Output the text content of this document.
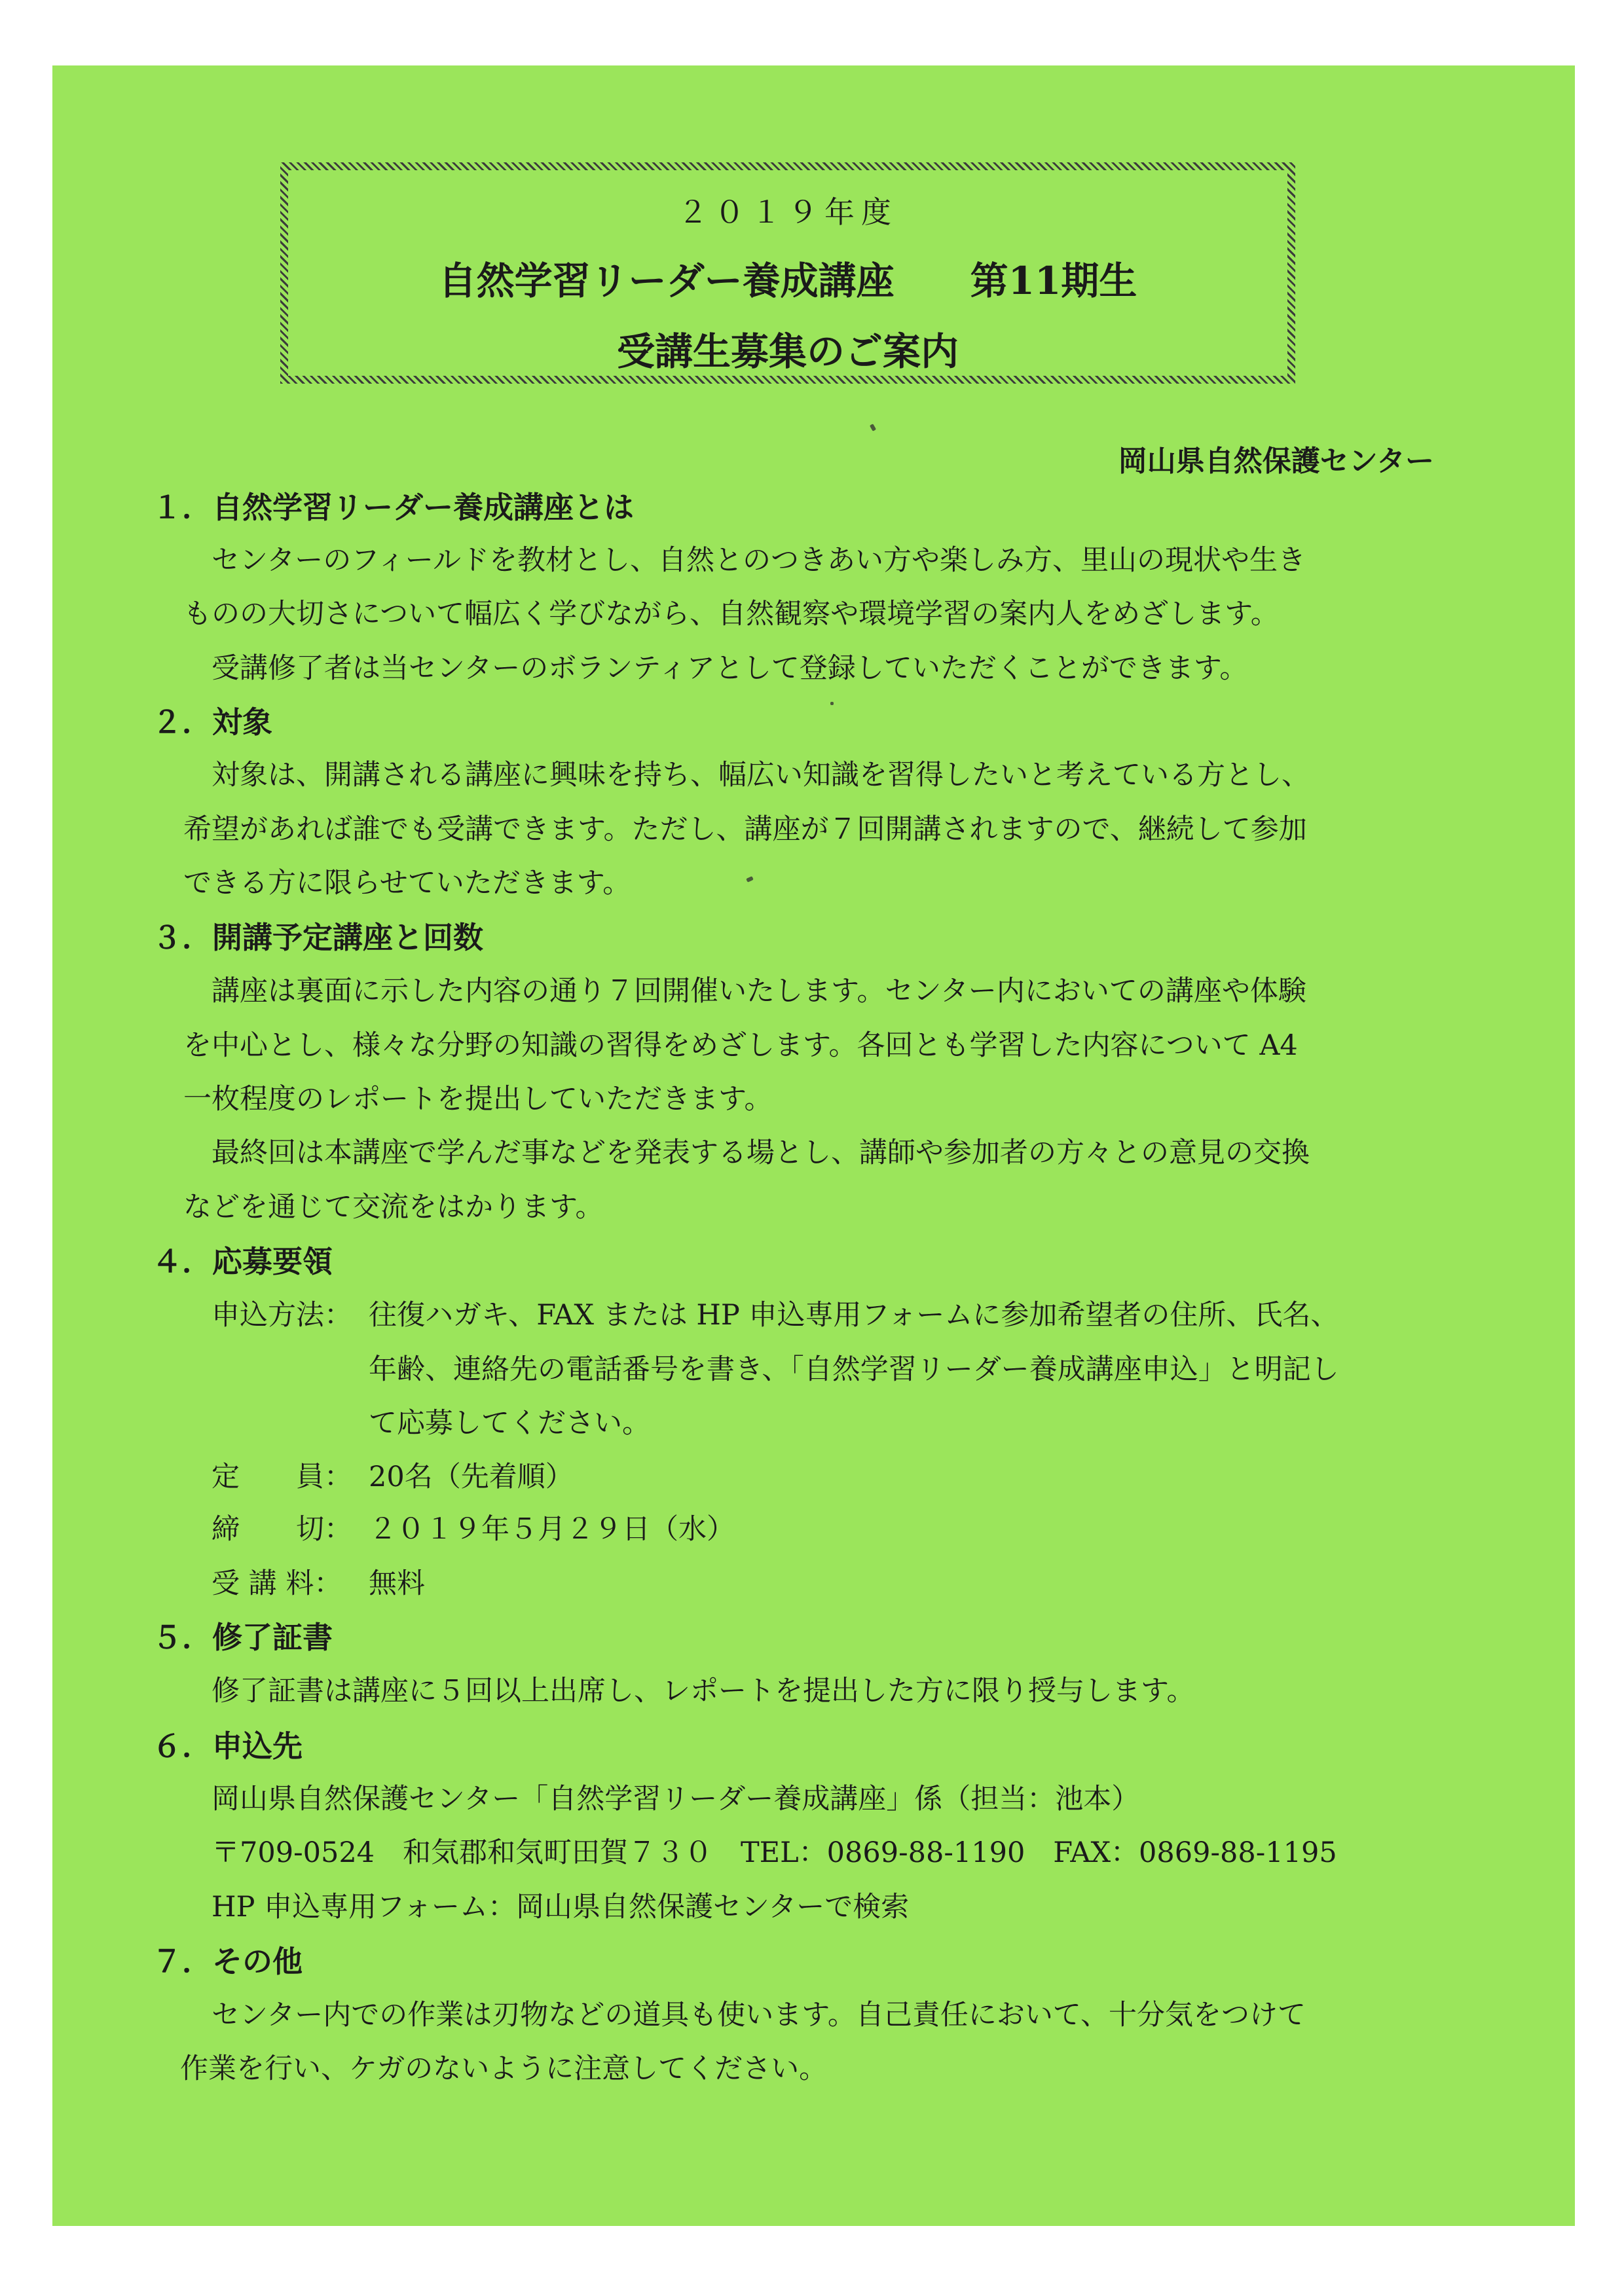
２０１９年度
自然学習リーダー養成講座　　第11期生
受講生募集のご案内
岡山県自然保護センター
１．自然学習リーダー養成講座とは
センターのフィールドを教材とし、自然とのつきあい方や楽しみ方、里山の現状や生き
ものの大切さについて幅広く学びながら、自然観察や環境学習の案内人をめざします。
受講修了者は当センターのボランティアとして登録していただくことができます。
２．対象
対象は、開講される講座に興味を持ち、幅広い知識を習得したいと考えている方とし、
希望があれば誰でも受講できます。ただし、講座が７回開講されますので、継続して参加
できる方に限らせていただきます。
３．開講予定講座と回数
講座は裏面に示した内容の通り７回開催いたします。センター内においての講座や体験
を中心とし、様々な分野の知識の習得をめざします。各回とも学習した内容について A4
一枚程度のレポートを提出していただきます。
最終回は本講座で学んだ事などを発表する場とし、講師や参加者の方々との意見の交換
などを通じて交流をはかります。
４．応募要領
申込方法： 往復ハガキ、FAX または HP 申込専用フォームに参加希望者の住所、氏名、
年齢、連絡先の電話番号を書き、「自然学習リーダー養成講座申込」と明記し
て応募してください。
定　　員： 20名（先着順）
締　　切： ２０１９年５月２９日（水）
受 講 料： 無料
５．修了証書
修了証書は講座に５回以上出席し、レポートを提出した方に限り授与します。
６．申込先
岡山県自然保護センター「自然学習リーダー養成講座」係（担当：池本）
〒709-0524　和気郡和気町田賀７３０　TEL：0869-88-1190　FAX：0869-88-1195
HP 申込専用フォーム：岡山県自然保護センターで検索
７．その他
センター内での作業は刃物などの道具も使います。自己責任において、十分気をつけて
作業を行い、ケガのないように注意してください。
